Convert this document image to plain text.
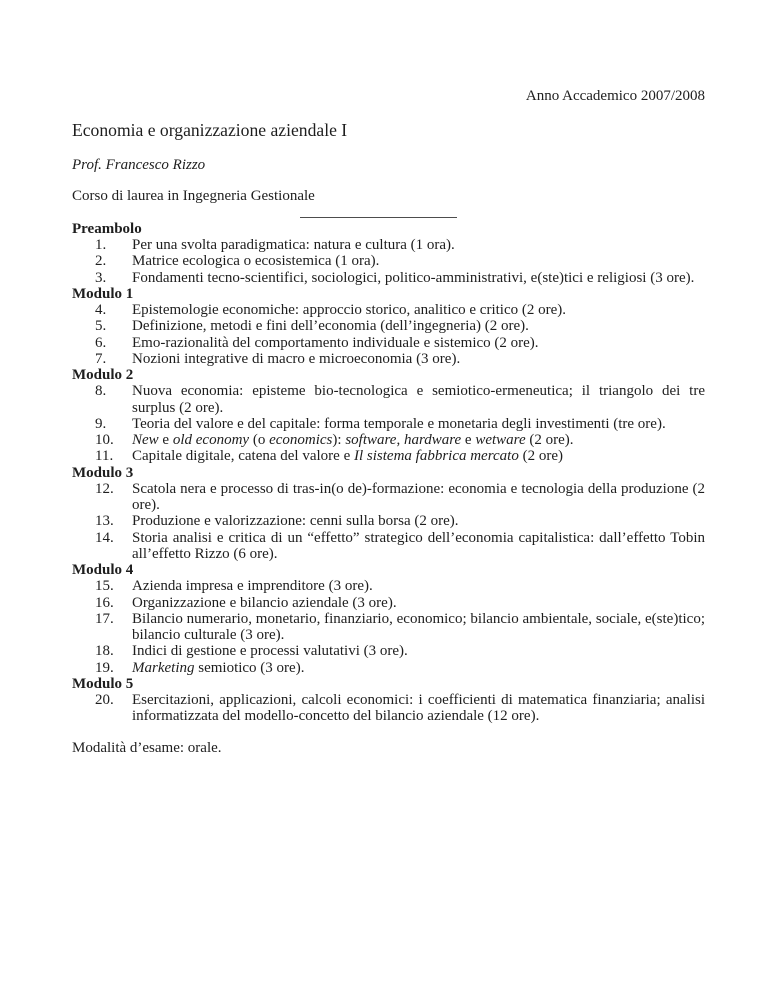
Anno Accademico 2007/2008
Economia e organizzazione aziendale I
Prof. Francesco Rizzo
Corso di laurea in Ingegneria Gestionale
Preambolo
1.	Per una svolta paradigmatica: natura e cultura (1 ora).
2.	Matrice ecologica o ecosistemica (1 ora).
3.	Fondamenti tecno-scientifici, sociologici, politico-amministrativi, e(ste)tici e religiosi (3 ore).
Modulo 1
4.	Epistemologie economiche: approccio storico, analitico e critico (2 ore).
5.	Definizione, metodi e fini dell’economia (dell’ingegneria) (2 ore).
6.	Emo-razionalità del comportamento individuale e sistemico (2 ore).
7.	Nozioni integrative di macro e microeconomia (3 ore).
Modulo 2
8.	Nuova economia: episteme bio-tecnologica e semiotico-ermeneutica; il triangolo dei tre surplus (2 ore).
9.	Teoria del valore e del capitale: forma temporale e monetaria degli investimenti (tre ore).
10.	New e old economy (o economics): software, hardware e wetware (2 ore).
11.	Capitale digitale, catena del valore e Il sistema fabbrica mercato (2 ore)
Modulo 3
12.	Scatola nera e processo di tras-in(o de)-formazione: economia e tecnologia della produzione (2 ore).
13.	Produzione e valorizzazione: cenni sulla borsa (2 ore).
14.	Storia analisi e critica di un “effetto” strategico dell’economia capitalistica: dall’effetto Tobin all’effetto Rizzo (6 ore).
Modulo 4
15.	Azienda impresa e imprenditore (3 ore).
16.	Organizzazione e bilancio aziendale (3 ore).
17.	Bilancio numerario, monetario, finanziario, economico; bilancio ambientale, sociale, e(ste)tico; bilancio culturale (3 ore).
18.	Indici di gestione e processi valutativi (3 ore).
19.	Marketing semiotico (3 ore).
Modulo 5
20.	Esercitazioni, applicazioni, calcoli economici: i coefficienti di matematica finanziaria; analisi informatizzata del modello-concetto del bilancio aziendale (12 ore).
Modalità d’esame: orale.
